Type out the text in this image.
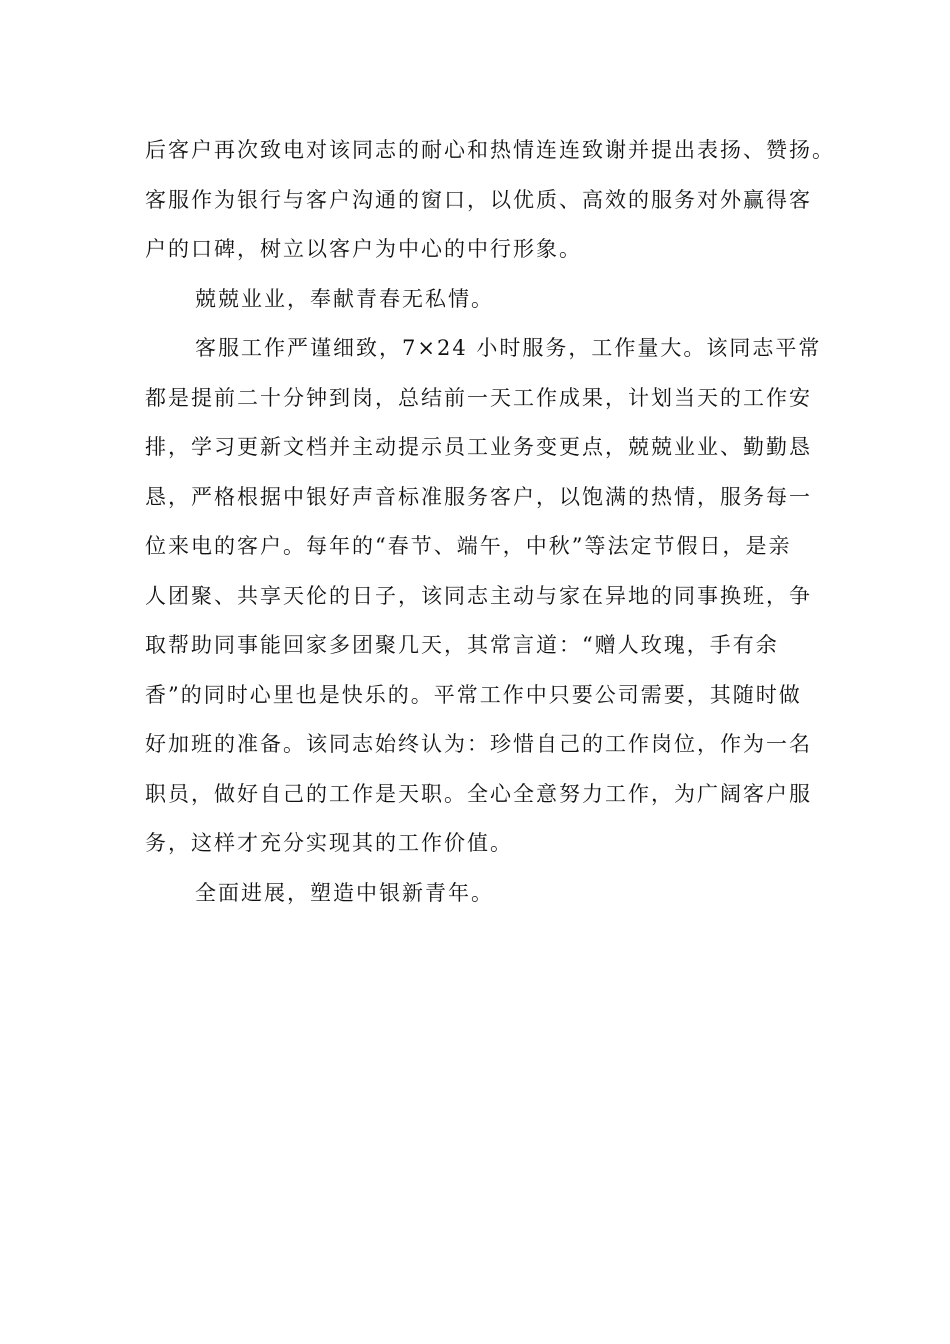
后客户再次致电对该同志的耐心和热情连连致谢并提出表扬、赞扬。
客服作为银行与客户沟通的窗口，以优质、高效的服务对外赢得客
户的口碑，树立以客户为中心的中行形象。
兢兢业业，奉献青春无私情。
客服工作严谨细致，7×24 小时服务，工作量大。该同志平常
都是提前二十分钟到岗，总结前一天工作成果，计划当天的工作安
排，学习更新文档并主动提示员工业务变更点，兢兢业业、勤勤恳
恳，严格根据中银好声音标准服务客户，以饱满的热情，服务每一
位来电的客户。每年的“春节、端午，中秋”等法定节假日，是亲
人团聚、共享天伦的日子，该同志主动与家在异地的同事换班，争
取帮助同事能回家多团聚几天，其常言道：“赠人玫瑰，手有余
香”的同时心里也是快乐的。平常工作中只要公司需要，其随时做
好加班的准备。该同志始终认为：珍惜自己的工作岗位，作为一名
职员，做好自己的工作是天职。全心全意努力工作，为广阔客户服
务，这样才充分实现其的工作价值。
全面进展，塑造中银新青年。
